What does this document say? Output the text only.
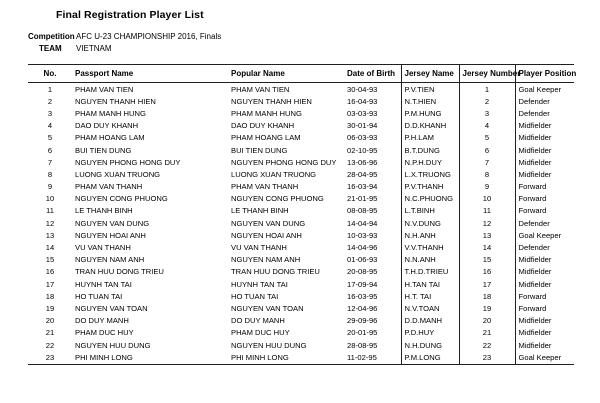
Final Registration Player List
Competition AFC U-23 CHAMPIONSHIP 2016, Finals
TEAM	VIETNAM
No.	Passport Name	Popular Name	Date of Birth	Jersey Name	Jersey Number	Player Position
1	PHAM VAN TIEN	PHAM VAN TIEN	30-04-93	P.V.TIEN	1	Goal Keeper
2	NGUYEN THANH HIEN	NGUYEN THANH HIEN	16-04-93	N.T.HIEN	2	Defender
3	PHAM MANH HUNG	PHAM MANH HUNG	03-03-93	P.M.HUNG	3	Defender
4	DAO DUY KHANH	DAO DUY KHANH	30-01-94	D.D.KHANH	4	Midfielder
5	PHAM HOANG LAM	PHAM HOANG LAM	06-03-93	P.H.LAM	5	Midfielder
6	BUI TIEN DUNG	BUI TIEN DUNG	02-10-95	B.T.DUNG	6	Midfielder
7	NGUYEN PHONG HONG DUY	NGUYEN PHONG HONG DUY	13-06-96	N.P.H.DUY	7	Midfielder
8	LUONG XUAN TRUONG	LUONG XUAN TRUONG	28-04-95	L.X.TRUONG	8	Midfielder
9	PHAM VAN THANH	PHAM VAN THANH	16-03-94	P.V.THANH	9	Forward
10	NGUYEN CONG PHUONG	NGUYEN CONG PHUONG	21-01-95	N.C.PHUONG	10	Forward
11	LE THANH BINH	LE THANH BINH	08-08-95	L.T.BINH	11	Forward
12	NGUYEN VAN DUNG	NGUYEN VAN DUNG	14-04-94	N.V.DUNG	12	Defender
13	NGUYEN HOAI ANH	NGUYEN HOAI ANH	10-03-93	N.H.ANH	13	Goal Keeper
14	VU VAN THANH	VU VAN THANH	14-04-96	V.V.THANH	14	Defender
15	NGUYEN NAM ANH	NGUYEN NAM ANH	01-06-93	N.N.ANH	15	Midfielder
16	TRAN HUU DONG TRIEU	TRAN HUU DONG TRIEU	20-08-95	T.H.D.TRIEU	16	Midfielder
17	HUYNH TAN TAI	HUYNH TAN TAI	17-09-94	H.TAN TAI	17	Midfielder
18	HO TUAN TAI	HO TUAN TAI	16-03-95	H.T. TAI	18	Forward
19	NGUYEN VAN TOAN	NGUYEN VAN TOAN	12-04-96	N.V.TOAN	19	Forward
20	DO DUY MANH	DO DUY MANH	29-09-96	D.D.MANH	20	Midfielder
21	PHAM DUC HUY	PHAM DUC HUY	20-01-95	P.D.HUY	21	Midfielder
22	NGUYEN HUU DUNG	NGUYEN HUU DUNG	28-08-95	N.H.DUNG	22	Midfielder
23	PHI MINH LONG	PHI MINH LONG	11-02-95	P.M.LONG	23	Goal Keeper
